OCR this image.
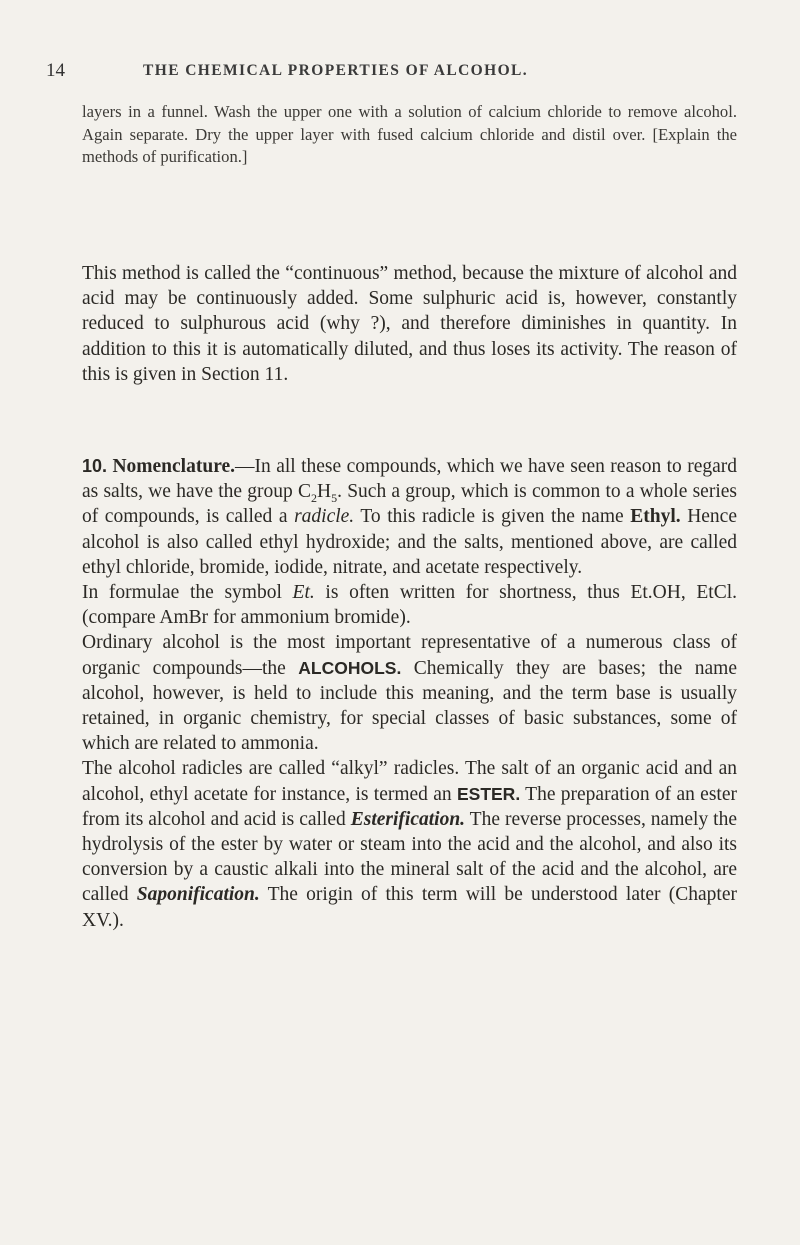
14	THE CHEMICAL PROPERTIES OF ALCOHOL.

layers in a funnel. Wash the upper one with a solution of calcium chloride to remove alcohol. Again separate. Dry the upper layer with fused calcium chloride and distil over. [Explain the methods of purification.]

This method is called the “continuous” method, because the mixture of alcohol and acid may be continuously added. Some sulphuric acid is, however, constantly reduced to sulphurous acid (why ?), and therefore diminishes in quantity. In addition to this it is automatically diluted, and thus loses its activity. The reason of this is given in Section 11.

10. Nomenclature.—In all these compounds, which we have seen reason to regard as salts, we have the group $C_2H_5$. Such a group, which is common to a whole series of compounds, is called a radicle. To this radicle is given the name Ethyl. Hence alcohol is also called ethyl hydroxide; and the salts, mentioned above, are called ethyl chloride, bromide, iodide, nitrate, and acetate respectively.

In formulae the symbol Et. is often written for shortness, thus Et.OH, EtCl. (compare AmBr for ammonium bromide).

Ordinary alcohol is the most important representative of a numerous class of organic compounds—the ALCOHOLS. Chemically they are bases; the name alcohol, however, is held to include this meaning, and the term base is usually retained, in organic chemistry, for special classes of basic substances, some of which are related to ammonia.

The alcohol radicles are called “alkyl” radicles. The salt of an organic acid and an alcohol, ethyl acetate for instance, is termed an ESTER. The preparation of an ester from its alcohol and acid is called Esterification. The reverse processes, namely the hydrolysis of the ester by water or steam into the acid and the alcohol, and also its conversion by a caustic alkali into the mineral salt of the acid and the alcohol, are called Saponification. The origin of this term will be understood later (Chapter XV.).
